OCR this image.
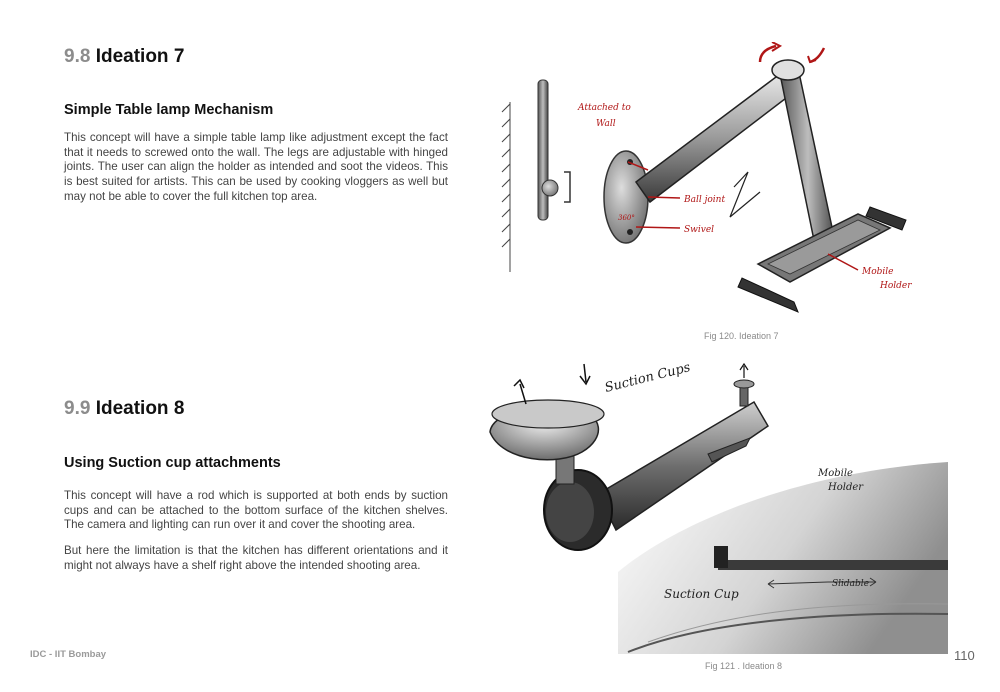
9.8 Ideation 7
Simple Table lamp Mechanism
This concept will have a simple table lamp like adjustment except the fact that it needs to screwed onto the wall. The legs are adjustable with hinged joints. The user can align the holder as intended and soot the videos. This is best suited for artists. This can be used by cooking vloggers as well but may not be able to cover the full kitchen top area.
Attached to
Wall
Ball joint
Swivel
360°
Mobile
Holder
Fig 120. Ideation 7
9.9 Ideation 8
Using Suction cup attachments
This concept will have a rod which is supported at both ends by suction cups and can be attached to the bottom surface of the kitchen shelves. The camera and lighting can run over it and cover the shooting area.
But here the limitation is that the kitchen has different orientations and it might not always have a shelf right above the intended shooting area.
Suction Cups
Mobile
Holder
Suction Cup
Slidable
Fig 121 . Ideation 8
IDC - IIT Bombay	110
